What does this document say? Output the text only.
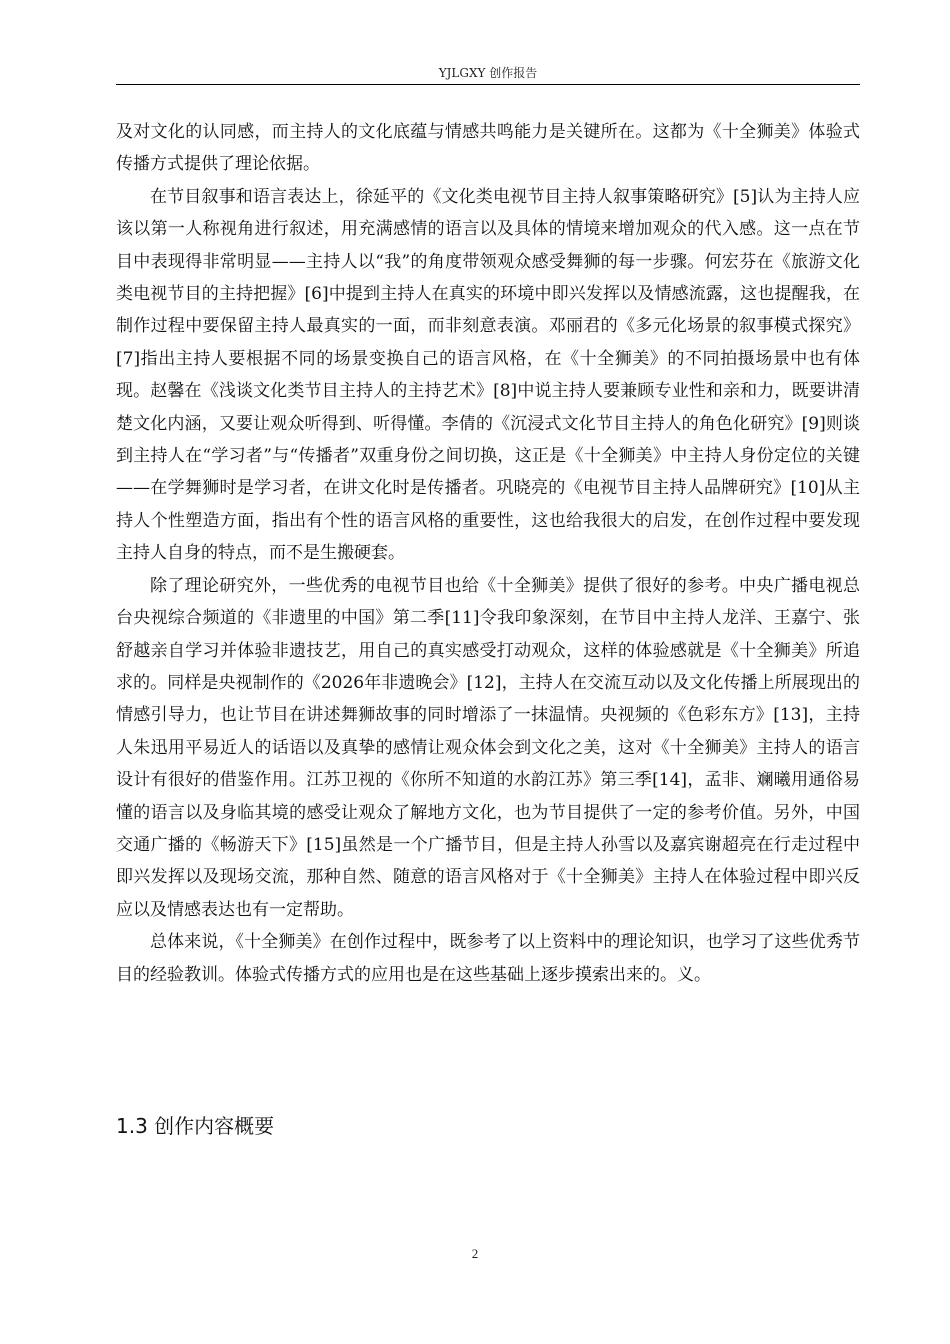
YJLGXY 创作报告

及对文化的认同感，而主持人的文化底蕴与情感共鸣能力是关键所在。这都为《十全狮美》体验式传播方式提供了理论依据。

在节目叙事和语言表达上，徐延平的《文化类电视节目主持人叙事策略研究》[5]认为主持人应该以第一人称视角进行叙述，用充满感情的语言以及具体的情境来增加观众的代入感。这一点在节目中表现得非常明显——主持人以“我”的角度带领观众感受舞狮的每一步骤。何宏芬在《旅游文化类电视节目的主持把握》[6]中提到主持人在真实的环境中即兴发挥以及情感流露，这也提醒我，在制作过程中要保留主持人最真实的一面，而非刻意表演。邓丽君的《多元化场景的叙事模式探究》[7]指出主持人要根据不同的场景变换自己的语言风格，在《十全狮美》的不同拍摄场景中也有体现。赵馨在《浅谈文化类节目主持人的主持艺术》[8]中说主持人要兼顾专业性和亲和力，既要讲清楚文化内涵，又要让观众听得到、听得懂。李倩的《沉浸式文化节目主持人的角色化研究》[9]则谈到主持人在“学习者”与“传播者”双重身份之间切换，这正是《十全狮美》中主持人身份定位的关键——在学舞狮时是学习者，在讲文化时是传播者。巩晓亮的《电视节目主持人品牌研究》[10]从主持人个性塑造方面，指出有个性的语言风格的重要性，这也给我很大的启发，在创作过程中要发现主持人自身的特点，而不是生搬硬套。

除了理论研究外，一些优秀的电视节目也给《十全狮美》提供了很好的参考。中央广播电视总台央视综合频道的《非遗里的中国》第二季[11]令我印象深刻，在节目中主持人龙洋、王嘉宁、张舒越亲自学习并体验非遗技艺，用自己的真实感受打动观众，这样的体验感就是《十全狮美》所追求的。同样是央视制作的《2026年非遗晚会》[12]，主持人在交流互动以及文化传播上所展现出的情感引导力，也让节目在讲述舞狮故事的同时增添了一抹温情。央视频的《色彩东方》[13]，主持人朱迅用平易近人的话语以及真挚的感情让观众体会到文化之美，这对《十全狮美》主持人的语言设计有很好的借鉴作用。江苏卫视的《你所不知道的水韵江苏》第三季[14]，孟非、斓曦用通俗易懂的语言以及身临其境的感受让观众了解地方文化，也为节目提供了一定的参考价值。另外，中国交通广播的《畅游天下》[15]虽然是一个广播节目，但是主持人孙雪以及嘉宾谢超亮在行走过程中即兴发挥以及现场交流，那种自然、随意的语言风格对于《十全狮美》主持人在体验过程中即兴反应以及情感表达也有一定帮助。

总体来说，《十全狮美》在创作过程中，既参考了以上资料中的理论知识，也学习了这些优秀节目的经验教训。体验式传播方式的应用也是在这些基础上逐步摸索出来的。义。

1.3 创作内容概要
2
